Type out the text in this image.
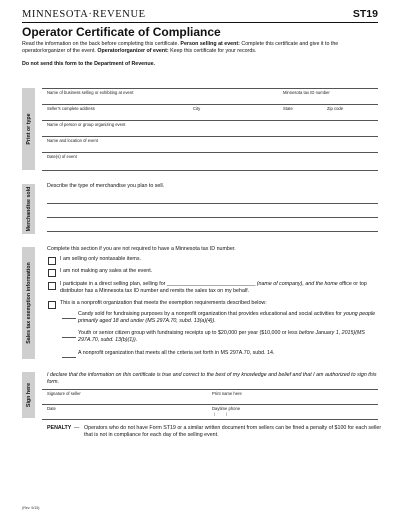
MINNESOTA·REVENUE	ST19
Operator Certificate of Compliance
Read the information on the back before completing this certificate. Person selling at event: Complete this certificate and give it to the operator/organizer of the event. Operator/organizer of event: Keep this certificate for your records.
Do not send this form to the Department of Revenue.
Print or type
Name of business selling or exhibiting at event	Minnesota tax ID number
Seller's complete address	City	State	Zip code
Name of person or group organizing event
Name and location of event
Date(s) of event
Merchandise sold
Describe the type of merchandise you plan to sell.
Sales tax exemption information
Complete this section if you are not required to have a Minnesota tax ID number.
I am selling only nontaxable items.
I am not making any sales at the event.
I participate in a direct selling plan, selling for ______________________________ (name of company), and the home office or top distributor has a Minnesota tax ID number and remits the sales tax on my behalf.
This is a nonprofit organization that meets the exemption requirements described below:
Candy sold for fundraising purposes by a nonprofit organization that provides educational and social activities for young people primarily aged 18 and under (MS 297A.70, subd. 13(a)(4)).
Youth or senior citizen group with fundraising receipts up to $20,000 per year ($10,000 or less before January 1, 2015)(MS 297A.70, subd. 13(b)(1)).
A nonprofit organization that meets all the criteria set forth in MS 297A.70, subd. 14.
Sign here
I declare that the information on this certificate is true and correct to the best of my knowledge and belief and that I am authorized to sign this form.
Signature of seller	Print name here
Date	Daytime phone
(	)
PENALTY — Operators who do not have Form ST19 or a similar written document from sellers can be fined a penalty of $100 for each seller that is not in compliance for each day of the selling event.
(Rev. 5/15)
